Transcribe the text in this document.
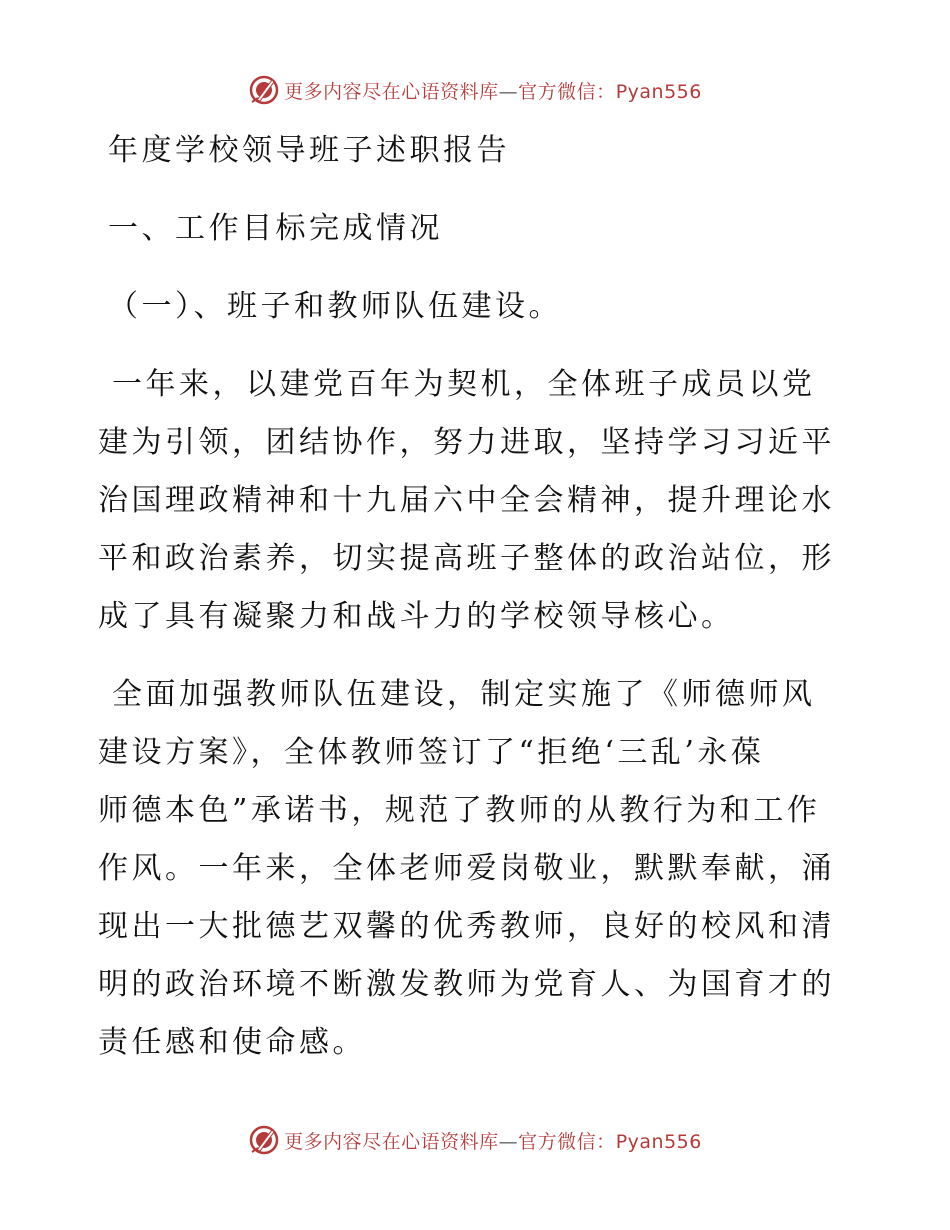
更多内容尽在心语资料库—官方微信：Pyan556
年度学校领导班子述职报告
一、工作目标完成情况
（一）、班子和教师队伍建设。
一年来，以建党百年为契机，全体班子成员以党
建为引领，团结协作，努力进取，坚持学习习近平
治国理政精神和十九届六中全会精神，提升理论水
平和政治素养，切实提高班子整体的政治站位，形
成了具有凝聚力和战斗力的学校领导核心。
全面加强教师队伍建设，制定实施了《师德师风
建设方案》，全体教师签订了“拒绝‘三乱’永葆
师德本色”承诺书，规范了教师的从教行为和工作
作风。一年来，全体老师爱岗敬业，默默奉献，涌
现出一大批德艺双馨的优秀教师，良好的校风和清
明的政治环境不断激发教师为党育人、为国育才的
责任感和使命感。
更多内容尽在心语资料库—官方微信：Pyan556
